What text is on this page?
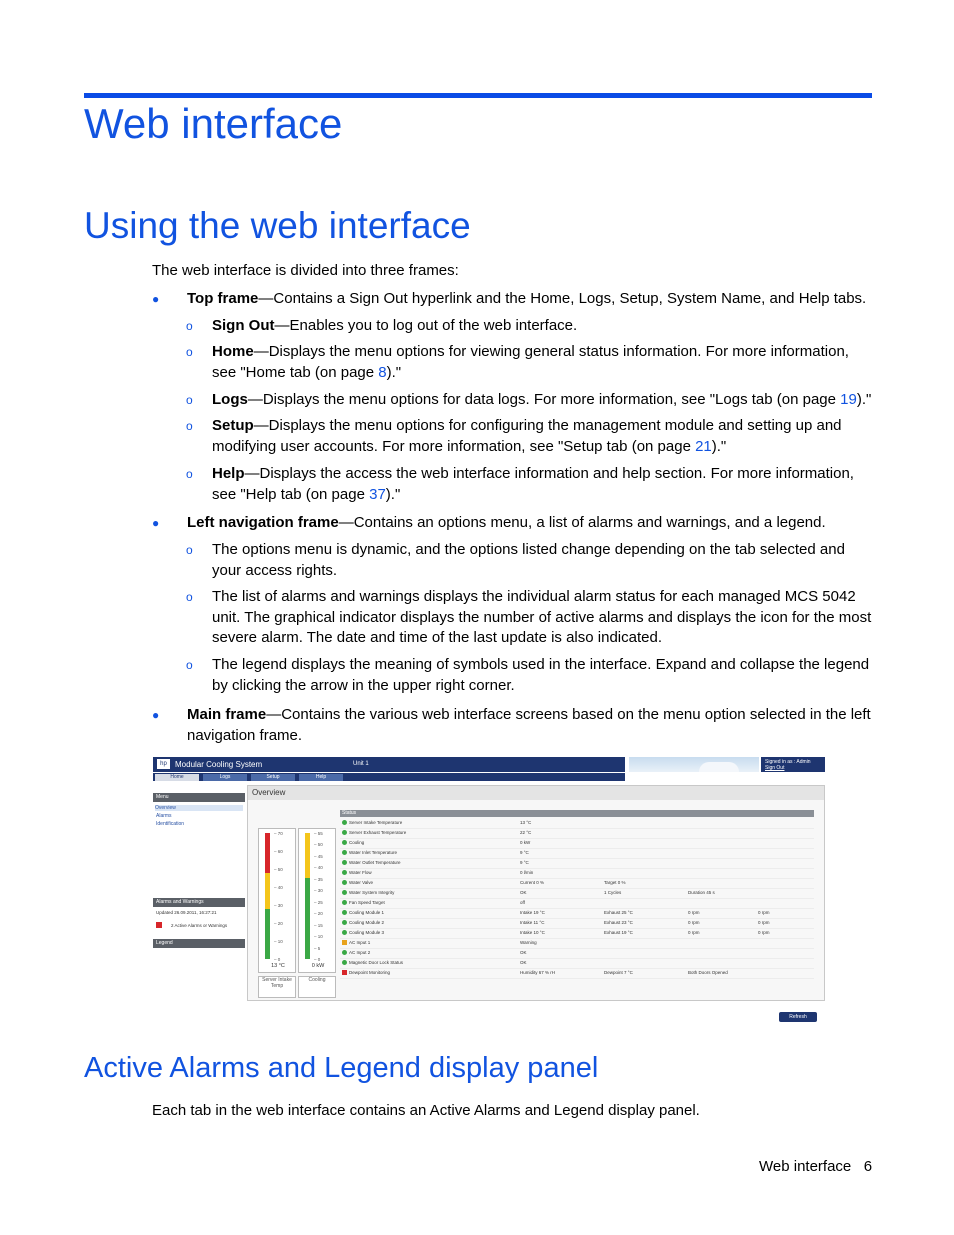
Web interface
Using the web interface
The web interface is divided into three frames:
● Top frame—Contains a Sign Out hyperlink and the Home, Logs, Setup, System Name, and Help tabs.
o Sign Out—Enables you to log out of the web interface.
o Home—Displays the menu options for viewing general status information. For more information, see "Home tab (on page 8)."
o Logs—Displays the menu options for data logs. For more information, see "Logs tab (on page 19)."
o Setup—Displays the menu options for configuring the management module and setting up and modifying user accounts. For more information, see "Setup tab (on page 21)."
o Help—Displays the access the web interface information and help section. For more information, see "Help tab (on page 37)."
● Left navigation frame—Contains an options menu, a list of alarms and warnings, and a legend.
o The options menu is dynamic, and the options listed change depending on the tab selected and your access rights.
o The list of alarms and warnings displays the individual alarm status for each managed MCS 5042 unit. The graphical indicator displays the number of active alarms and displays the icon for the most severe alarm. The date and time of the last update is also indicated.
o The legend displays the meaning of symbols used in the interface. Expand and collapse the legend by clicking the arrow in the upper right corner.
● Main frame—Contains the various web interface screens based on the menu option selected in the left navigation frame.
hp	Modular Cooling System	Unit 1	Signed in as : Admin
Sign Out
Home	Logs	Setup	Help
Menu
Overview
Alarms
Identification
Alarms and Warnings
Updated 26.09.2011, 16:27:21
2 Active Alarms or Warnings
Legend
Overview
– 70
– 60
– 50
– 40
– 30
– 20
– 10
– 0
13 °C
Server Intake Temp
– 55
– 50
– 45
– 40
– 35
– 30
– 25
– 20
– 15
– 10
– 5
– 0
0 kW
Cooling
Status
Server Intake Temperature	13 °C
Server Exhaust Temperature	22 °C
Cooling	0 kW
Water Inlet Temperature	9 °C
Water Outlet Temperature	9 °C
Water Flow	0 l/min
Water Valve	Current 0 %	Target 0 %
Water System Integrity	OK	1 Cycles	Duration 45 s
Fan Speed Target	off
Cooling Module 1	Intake 19 °C	Exhaust 25 °C	0 rpm	0 rpm
Cooling Module 2	Intake 11 °C	Exhaust 23 °C	0 rpm	0 rpm
Cooling Module 3	Intake 10 °C	Exhaust 19 °C	0 rpm	0 rpm
AC Input 1	Warning
AC Input 2	OK
Magnetic Door Lock Status	OK
Dewpoint Monitoring	Humidity 67 % rH	Dewpoint 7 °C	Both Doors Opened
Refresh
Active Alarms and Legend display panel
Each tab in the web interface contains an Active Alarms and Legend display panel.
Web interface 6
